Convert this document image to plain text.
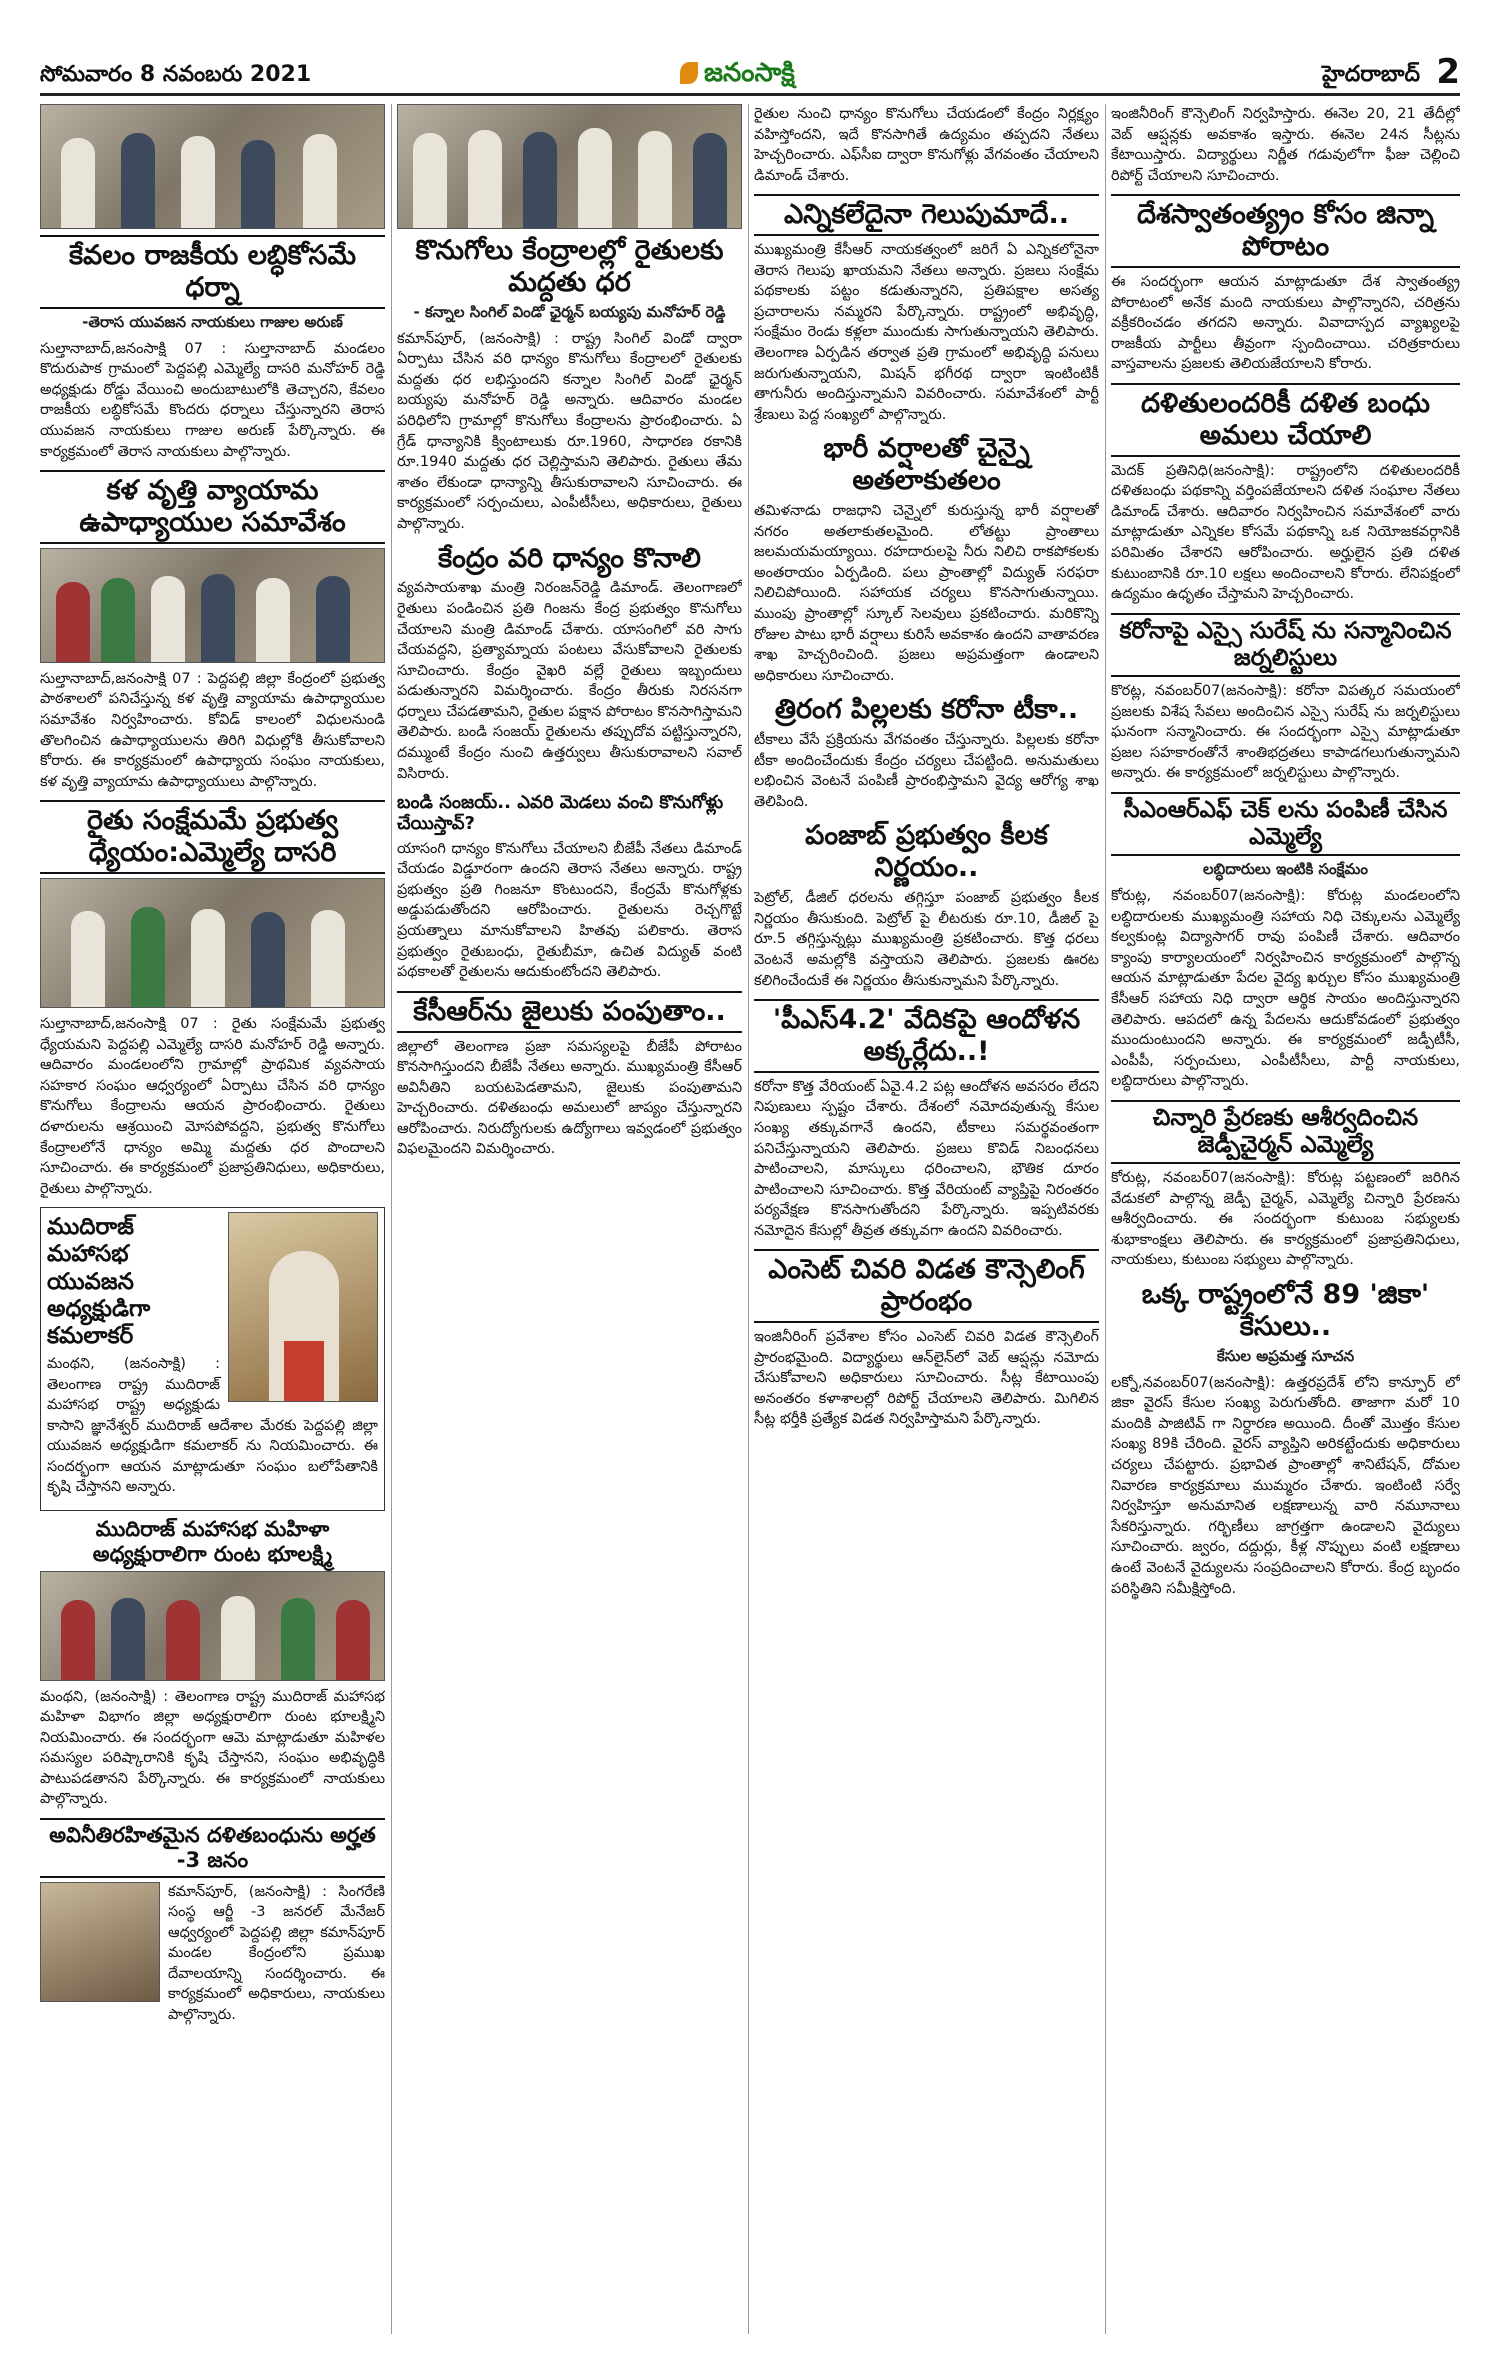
సోమవారం 8 నవంబరు 2021	జనంసాక్షి	హైదరాబాద్ 2
కేవలం రాజకీయ లబ్ధికోసమే ధర్నా
-తెరాస యువజన నాయకులు గాజుల అరుణ్
సుల్తానాబాద్,జనంసాక్షి 07 : సుల్తానాబాద్ మండలం కొదురుపాక గ్రామంలో పెద్దపల్లి ఎమ్మెల్యే దాసరి మనోహర్ రెడ్డి అధ్యక్షుడు రోడ్డు వేయించి అందుబాటులోకి తెచ్చారని, కేవలం రాజకీయ లబ్ధికోసమే కొందరు ధర్నాలు చేస్తున్నారని తెరాస యువజన నాయకులు గాజుల అరుణ్ పేర్కొన్నారు. ఈ కార్యక్రమంలో తెరాస నాయకులు పాల్గొన్నారు.
కళ వృత్తి వ్యాయామ ఉపాధ్యాయుల సమావేశం
సుల్తానాబాద్,జనంసాక్షి 07 : పెద్దపల్లి జిల్లా కేంద్రంలో ప్రభుత్వ పాఠశాలలో పనిచేస్తున్న కళ వృత్తి వ్యాయామ ఉపాధ్యాయుల సమావేశం నిర్వహించారు. కోవిడ్ కాలంలో విధులనుండి తొలగించిన ఉపాధ్యాయులను తిరిగి విధుల్లోకి తీసుకోవాలని కోరారు. ఈ కార్యక్రమంలో ఉపాధ్యాయ సంఘం నాయకులు, కళ వృత్తి వ్యాయామ ఉపాధ్యాయులు పాల్గొన్నారు.
రైతు సంక్షేమమే ప్రభుత్వ ధ్యేయం:ఎమ్మెల్యే దాసరి
సుల్తానాబాద్,జనంసాక్షి 07 : రైతు సంక్షేమమే ప్రభుత్వ ధ్యేయమని పెద్దపల్లి ఎమ్మెల్యే దాసరి మనోహర్ రెడ్డి అన్నారు. ఆదివారం మండలంలోని గ్రామాల్లో ప్రాథమిక వ్యవసాయ సహకార సంఘం ఆధ్వర్యంలో ఏర్పాటు చేసిన వరి ధాన్యం కొనుగోలు కేంద్రాలను ఆయన ప్రారంభించారు. రైతులు దళారులను ఆశ్రయించి మోసపోవద్దని, ప్రభుత్వ కొనుగోలు కేంద్రాలలోనే ధాన్యం అమ్మి మద్దతు ధర పొందాలని సూచించారు. ఈ కార్యక్రమంలో ప్రజాప్రతినిధులు, అధికారులు, రైతులు పాల్గొన్నారు.
ముదిరాజ్ మహాసభ యువజన అధ్యక్షుడిగా కమలాకర్
మంథని, (జనంసాక్షి) : తెలంగాణ రాష్ట్ర ముదిరాజ్ మహాసభ రాష్ట్ర అధ్యక్షుడు కాసాని జ్ఞానేశ్వర్ ముదిరాజ్ ఆదేశాల మేరకు పెద్దపల్లి జిల్లా యువజన అధ్యక్షుడిగా కమలాకర్ ను నియమించారు. ఈ సందర్భంగా ఆయన మాట్లాడుతూ సంఘం బలోపేతానికి కృషి చేస్తానని అన్నారు.
ముదిరాజ్ మహాసభ మహిళా అధ్యక్షురాలిగా రుంట భూలక్ష్మి
మంథని, (జనంసాక్షి) : తెలంగాణ రాష్ట్ర ముదిరాజ్ మహాసభ మహిళా విభాగం జిల్లా అధ్యక్షురాలిగా రుంట భూలక్ష్మిని నియమించారు. ఈ సందర్భంగా ఆమె మాట్లాడుతూ మహిళల సమస్యల పరిష్కారానికి కృషి చేస్తానని, సంఘం అభివృద్ధికి పాటుపడతానని పేర్కొన్నారు. ఈ కార్యక్రమంలో నాయకులు పాల్గొన్నారు.
అవినీతిరహితమైన దళితబంధును అర్హత -3 జనం
కమాన్‌పూర్, (జనంసాక్షి) : సింగరేణి సంస్థ ఆర్జీ -3 జనరల్ మేనేజర్ ఆధ్వర్యంలో పెద్దపల్లి జిల్లా కమాన్‌పూర్ మండల కేంద్రంలోని ప్రముఖ దేవాలయాన్ని సందర్శించారు. ఈ కార్యక్రమంలో అధికారులు, నాయకులు పాల్గొన్నారు.
కొనుగోలు కేంద్రాలల్లో రైతులకు మద్దతు ధర
- కన్నాల సింగిల్ విండో ఛైర్మన్ బయ్యపు మనోహర్ రెడ్డి
కమాన్‌పూర్, (జనంసాక్షి) : రాష్ట్ర సింగిల్ విండో ద్వారా ఏర్పాటు చేసిన వరి ధాన్యం కొనుగోలు కేంద్రాలలో రైతులకు మద్దతు ధర లభిస్తుందని కన్నాల సింగిల్ విండో ఛైర్మన్ బయ్యపు మనోహర్ రెడ్డి అన్నారు. ఆదివారం మండల పరిధిలోని గ్రామాల్లో కొనుగోలు కేంద్రాలను ప్రారంభించారు. ఏ గ్రేడ్ ధాన్యానికి క్వింటాలుకు రూ.1960, సాధారణ రకానికి రూ.1940 మద్దతు ధర చెల్లిస్తామని తెలిపారు. రైతులు తేమ శాతం లేకుండా ధాన్యాన్ని తీసుకురావాలని సూచించారు. ఈ కార్యక్రమంలో సర్పంచులు, ఎంపీటీసీలు, అధికారులు, రైతులు పాల్గొన్నారు.
కేంద్రం వరి ధాన్యం కొనాలి
వ్యవసాయశాఖ మంత్రి నిరంజన్‌రెడ్డి డిమాండ్. తెలంగాణలో రైతులు పండించిన ప్రతి గింజను కేంద్ర ప్రభుత్వం కొనుగోలు చేయాలని మంత్రి డిమాండ్ చేశారు. యాసంగిలో వరి సాగు చేయవద్దని, ప్రత్యామ్నాయ పంటలు వేసుకోవాలని రైతులకు సూచించారు. కేంద్రం వైఖరి వల్లే రైతులు ఇబ్బందులు పడుతున్నారని విమర్శించారు. కేంద్రం తీరుకు నిరసనగా ధర్నాలు చేపడతామని, రైతుల పక్షాన పోరాటం కొనసాగిస్తామని తెలిపారు. బండి సంజయ్ రైతులను తప్పుదోవ పట్టిస్తున్నారని, దమ్ముంటే కేంద్రం నుంచి ఉత్తర్వులు తీసుకురావాలని సవాల్ విసిరారు.
బండి సంజయ్.. ఎవరి మెడలు వంచి కొనుగోళ్లు చేయిస్తావ్?
యాసంగి ధాన్యం కొనుగోలు చేయాలని బీజేపీ నేతలు డిమాండ్ చేయడం విడ్డూరంగా ఉందని తెరాస నేతలు అన్నారు. రాష్ట్ర ప్రభుత్వం ప్రతి గింజనూ కొంటుందని, కేంద్రమే కొనుగోళ్లకు అడ్డుపడుతోందని ఆరోపించారు. రైతులను రెచ్చగొట్టే ప్రయత్నాలు మానుకోవాలని హితవు పలికారు. తెరాస ప్రభుత్వం రైతుబంధు, రైతుబీమా, ఉచిత విద్యుత్ వంటి పథకాలతో రైతులను ఆదుకుంటోందని తెలిపారు.
కేసీఆర్‌ను జైలుకు పంపుతాం..
జిల్లాలో తెలంగాణ ప్రజా సమస్యలపై బీజేపీ పోరాటం కొనసాగిస్తుందని బీజేపీ నేతలు అన్నారు. ముఖ్యమంత్రి కేసీఆర్ అవినీతిని బయటపెడతామని, జైలుకు పంపుతామని హెచ్చరించారు. దళితబంధు అమలులో జాప్యం చేస్తున్నారని ఆరోపించారు. నిరుద్యోగులకు ఉద్యోగాలు ఇవ్వడంలో ప్రభుత్వం విఫలమైందని విమర్శించారు.
రైతుల నుంచి ధాన్యం కొనుగోలు చేయడంలో కేంద్రం నిర్లక్ష్యం వహిస్తోందని, ఇదే కొనసాగితే ఉద్యమం తప్పదని నేతలు హెచ్చరించారు. ఎఫ్‌సీఐ ద్వారా కొనుగోళ్లు వేగవంతం చేయాలని డిమాండ్ చేశారు.
ఎన్నికలేదైనా గెలుపుమాదే..
ముఖ్యమంత్రి కేసీఆర్ నాయకత్వంలో జరిగే ఏ ఎన్నికలోనైనా తెరాస గెలుపు ఖాయమని నేతలు అన్నారు. ప్రజలు సంక్షేమ పథకాలకు పట్టం కడుతున్నారని, ప్రతిపక్షాల అసత్య ప్రచారాలను నమ్మరని పేర్కొన్నారు. రాష్ట్రంలో అభివృద్ధి, సంక్షేమం రెండు కళ్లలా ముందుకు సాగుతున్నాయని తెలిపారు. తెలంగాణ ఏర్పడిన తర్వాత ప్రతి గ్రామంలో అభివృద్ధి పనులు జరుగుతున్నాయని, మిషన్ భగీరథ ద్వారా ఇంటింటికీ తాగునీరు అందిస్తున్నామని వివరించారు. సమావేశంలో పార్టీ శ్రేణులు పెద్ద సంఖ్యలో పాల్గొన్నారు.
భారీ వర్షాలతో చైన్నై అతలాకుతలం
తమిళనాడు రాజధాని చెన్నైలో కురుస్తున్న భారీ వర్షాలతో నగరం అతలాకుతలమైంది. లోతట్టు ప్రాంతాలు జలమయమయ్యాయి. రహదారులపై నీరు నిలిచి రాకపోకలకు అంతరాయం ఏర్పడింది. పలు ప్రాంతాల్లో విద్యుత్ సరఫరా నిలిచిపోయింది. సహాయక చర్యలు కొనసాగుతున్నాయి. ముంపు ప్రాంతాల్లో స్కూల్ సెలవులు ప్రకటించారు. మరికొన్ని రోజుల పాటు భారీ వర్షాలు కురిసే అవకాశం ఉందని వాతావరణ శాఖ హెచ్చరించింది. ప్రజలు అప్రమత్తంగా ఉండాలని అధికారులు సూచించారు.
త్రిరంగ పిల్లలకు కరోనా టీకా..
టీకాలు వేసే ప్రక్రియను వేగవంతం చేస్తున్నారు. పిల్లలకు కరోనా టీకా అందించేందుకు కేంద్రం చర్యలు చేపట్టింది. అనుమతులు లభించిన వెంటనే పంపిణీ ప్రారంభిస్తామని వైద్య ఆరోగ్య శాఖ తెలిపింది.
పంజాబ్ ప్రభుత్వం కీలక నిర్ణయం..
పెట్రోల్, డీజిల్ ధరలను తగ్గిస్తూ పంజాబ్ ప్రభుత్వం కీలక నిర్ణయం తీసుకుంది. పెట్రోల్ పై లీటరుకు రూ.10, డీజిల్ పై రూ.5 తగ్గిస్తున్నట్లు ముఖ్యమంత్రి ప్రకటించారు. కొత్త ధరలు వెంటనే అమల్లోకి వస్తాయని తెలిపారు. ప్రజలకు ఊరట కలిగించేందుకే ఈ నిర్ణయం తీసుకున్నామని పేర్కొన్నారు.
'పీఎస్4.2' వేదికపై ఆందోళన అక్కర్లేదు..!
కరోనా కొత్త వేరియంట్ ఏవై.4.2 పట్ల ఆందోళన అవసరం లేదని నిపుణులు స్పష్టం చేశారు. దేశంలో నమోదవుతున్న కేసుల సంఖ్య తక్కువగానే ఉందని, టీకాలు సమర్థవంతంగా పనిచేస్తున్నాయని తెలిపారు. ప్రజలు కొవిడ్ నిబంధనలు పాటించాలని, మాస్కులు ధరించాలని, భౌతిక దూరం పాటించాలని సూచించారు. కొత్త వేరియంట్ వ్యాప్తిపై నిరంతరం పర్యవేక్షణ కొనసాగుతోందని పేర్కొన్నారు. ఇప్పటివరకు నమోదైన కేసుల్లో తీవ్రత తక్కువగా ఉందని వివరించారు.
ఎంసెట్ చివరి విడత కౌన్సెలింగ్ ప్రారంభం
ఇంజినీరింగ్ ప్రవేశాల కోసం ఎంసెట్ చివరి విడత కౌన్సెలింగ్ ప్రారంభమైంది. విద్యార్థులు ఆన్‌లైన్‌లో వెబ్ ఆప్షన్లు నమోదు చేసుకోవాలని అధికారులు సూచించారు. సీట్ల కేటాయింపు అనంతరం కళాశాలల్లో రిపోర్ట్ చేయాలని తెలిపారు. మిగిలిన సీట్ల భర్తీకి ప్రత్యేక విడత నిర్వహిస్తామని పేర్కొన్నారు.
ఇంజినీరింగ్ కౌన్సెలింగ్ నిర్వహిస్తారు. ఈనెల 20, 21 తేదీల్లో వెబ్ ఆప్షన్లకు అవకాశం ఇస్తారు. ఈనెల 24న సీట్లను కేటాయిస్తారు. విద్యార్థులు నిర్ణీత గడువులోగా ఫీజు చెల్లించి రిపోర్ట్ చేయాలని సూచించారు.
దేశస్వాతంత్య్రం కోసం జిన్నా పోరాటం
ఈ సందర్భంగా ఆయన మాట్లాడుతూ దేశ స్వాతంత్య్ర పోరాటంలో అనేక మంది నాయకులు పాల్గొన్నారని, చరిత్రను వక్రీకరించడం తగదని అన్నారు. వివాదాస్పద వ్యాఖ్యలపై రాజకీయ పార్టీలు తీవ్రంగా స్పందించాయి. చరిత్రకారులు వాస్తవాలను ప్రజలకు తెలియజేయాలని కోరారు.
దళితులందరికీ దళిత బంధు అమలు చేయాలి
మెదక్ ప్రతినిధి(జనంసాక్షి): రాష్ట్రంలోని దళితులందరికీ దళితబంధు పథకాన్ని వర్తింపజేయాలని దళిత సంఘాల నేతలు డిమాండ్ చేశారు. ఆదివారం నిర్వహించిన సమావేశంలో వారు మాట్లాడుతూ ఎన్నికల కోసమే పథకాన్ని ఒక నియోజకవర్గానికి పరిమితం చేశారని ఆరోపించారు. అర్హులైన ప్రతి దళిత కుటుంబానికి రూ.10 లక్షలు అందించాలని కోరారు. లేనిపక్షంలో ఉద్యమం ఉధృతం చేస్తామని హెచ్చరించారు.
కరోనాపై ఎస్సై సురేష్ ను సన్మానించిన జర్నలిస్టులు
కొరట్ల, నవంబర్07(జనంసాక్షి): కరోనా విపత్కర సమయంలో ప్రజలకు విశేష సేవలు అందించిన ఎస్సై సురేష్ ను జర్నలిస్టులు ఘనంగా సన్మానించారు. ఈ సందర్భంగా ఎస్సై మాట్లాడుతూ ప్రజల సహకారంతోనే శాంతిభద్రతలు కాపాడగలుగుతున్నామని అన్నారు. ఈ కార్యక్రమంలో జర్నలిస్టులు పాల్గొన్నారు.
సీఎంఆర్ఎఫ్ చెక్ లను పంపిణీ చేసిన ఎమ్మెల్యే
లబ్ధిదారులు ఇంటికి సంక్షేమం
కోరుట్ల, నవంబర్07(జనంసాక్షి): కోరుట్ల మండలంలోని లబ్ధిదారులకు ముఖ్యమంత్రి సహాయ నిధి చెక్కులను ఎమ్మెల్యే కల్వకుంట్ల విద్యాసాగర్ రావు పంపిణీ చేశారు. ఆదివారం క్యాంపు కార్యాలయంలో నిర్వహించిన కార్యక్రమంలో పాల్గొన్న ఆయన మాట్లాడుతూ పేదల వైద్య ఖర్చుల కోసం ముఖ్యమంత్రి కేసీఆర్ సహాయ నిధి ద్వారా ఆర్థిక సాయం అందిస్తున్నారని తెలిపారు. ఆపదలో ఉన్న పేదలను ఆదుకోవడంలో ప్రభుత్వం ముందుంటుందని అన్నారు. ఈ కార్యక్రమంలో జడ్పీటీసీ, ఎంపీపీ, సర్పంచులు, ఎంపీటీసీలు, పార్టీ నాయకులు, లబ్ధిదారులు పాల్గొన్నారు.
చిన్నారి ప్రేరణకు ఆశీర్వదించిన జెడ్పీచైర్మన్ ఎమ్మెల్యే
కోరుట్ల, నవంబర్07(జనంసాక్షి): కోరుట్ల పట్టణంలో జరిగిన వేడుకలో పాల్గొన్న జెడ్పీ చైర్మన్, ఎమ్మెల్యే చిన్నారి ప్రేరణను ఆశీర్వదించారు. ఈ సందర్భంగా కుటుంబ సభ్యులకు శుభాకాంక్షలు తెలిపారు. ఈ కార్యక్రమంలో ప్రజాప్రతినిధులు, నాయకులు, కుటుంబ సభ్యులు పాల్గొన్నారు.
ఒక్క రాష్ట్రంలోనే 89 'జికా' కేసులు..
కేసుల అప్రమత్త సూచన
లక్నో,నవంబర్07(జనంసాక్షి): ఉత్తరప్రదేశ్ లోని కాన్పూర్ లో జికా వైరస్ కేసుల సంఖ్య పెరుగుతోంది. తాజాగా మరో 10 మందికి పాజిటివ్ గా నిర్ధారణ అయింది. దీంతో మొత్తం కేసుల సంఖ్య 89కి చేరింది. వైరస్ వ్యాప్తిని అరికట్టేందుకు అధికారులు చర్యలు చేపట్టారు. ప్రభావిత ప్రాంతాల్లో శానిటేషన్, దోమల నివారణ కార్యక్రమాలు ముమ్మరం చేశారు. ఇంటింటి సర్వే నిర్వహిస్తూ అనుమానిత లక్షణాలున్న వారి నమూనాలు సేకరిస్తున్నారు. గర్భిణీలు జాగ్రత్తగా ఉండాలని వైద్యులు సూచించారు. జ్వరం, దద్దుర్లు, కీళ్ల నొప్పులు వంటి లక్షణాలు ఉంటే వెంటనే వైద్యులను సంప్రదించాలని కోరారు. కేంద్ర బృందం పరిస్థితిని సమీక్షిస్తోంది.
